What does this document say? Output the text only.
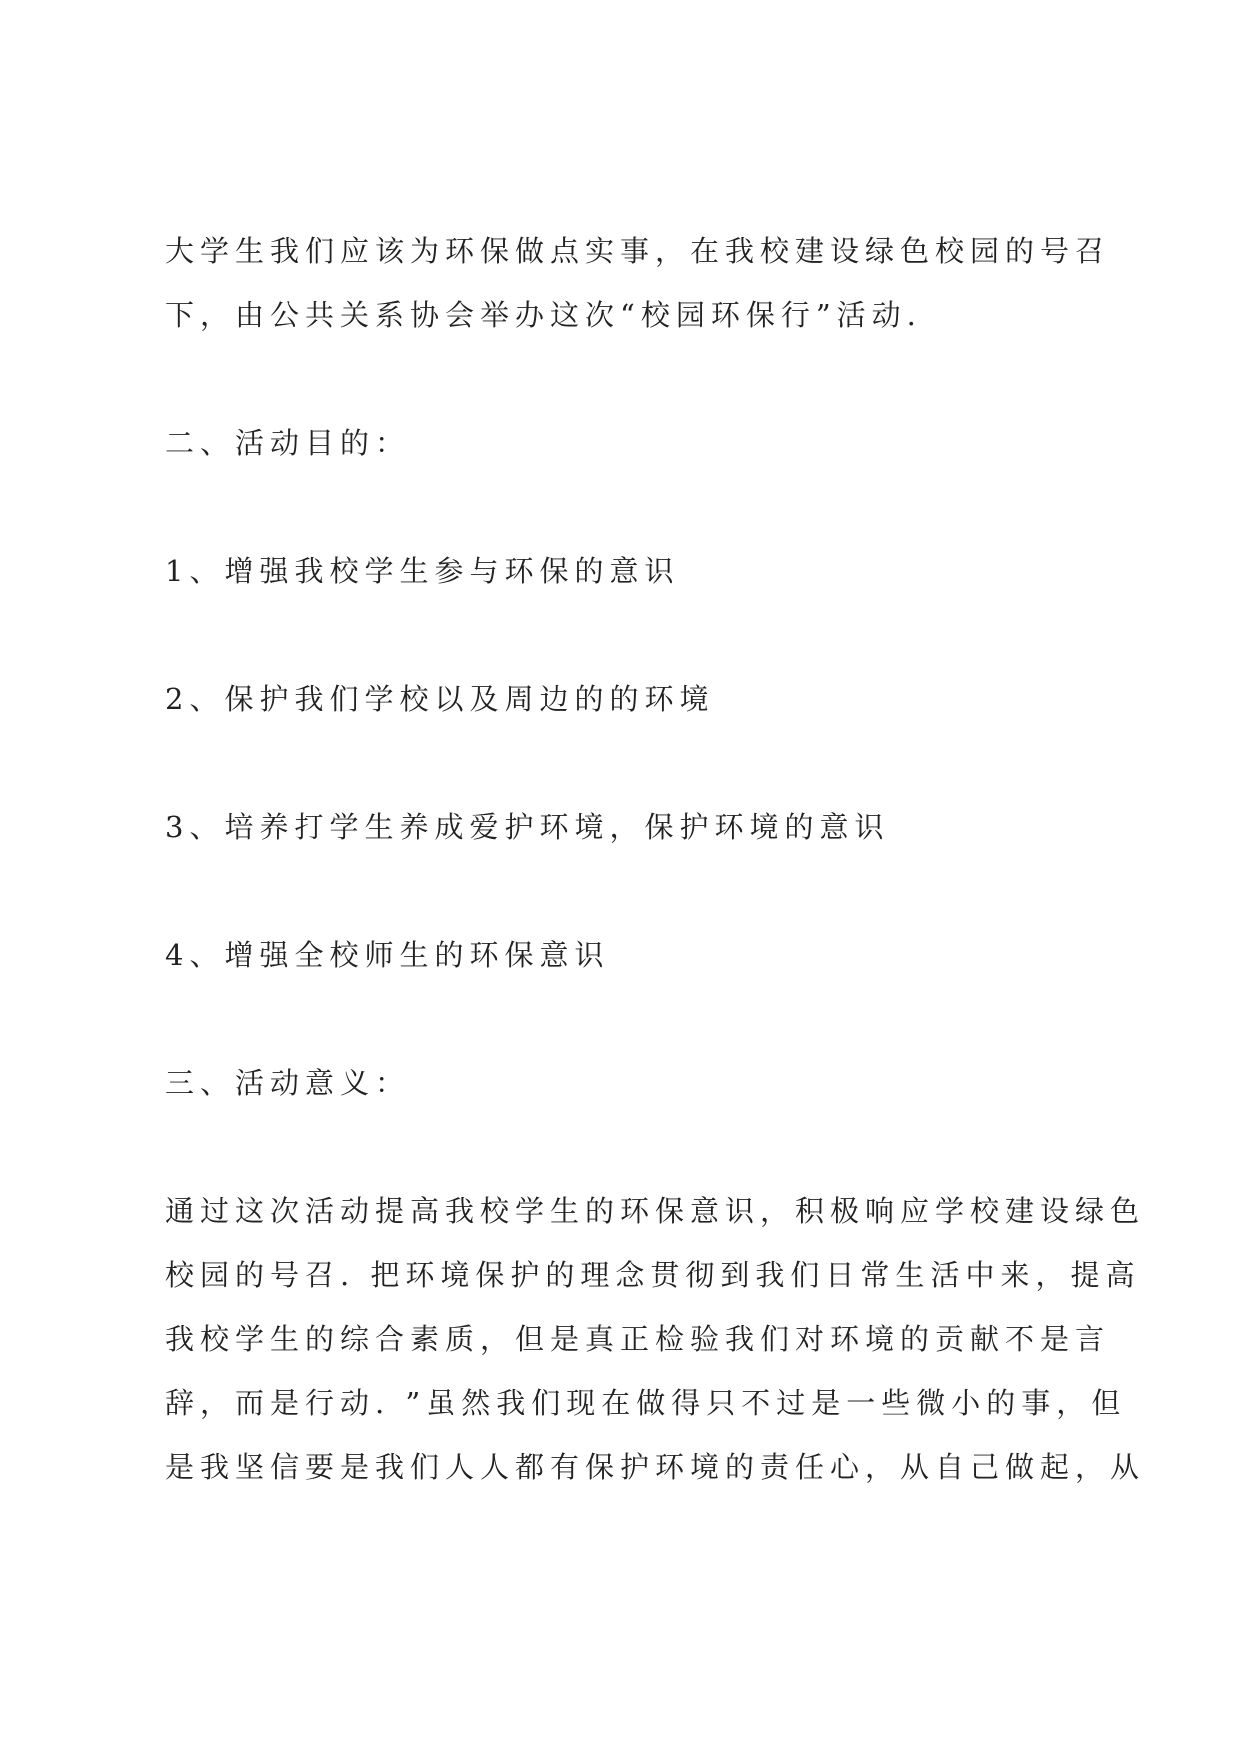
大学生我们应该为环保做点实事，在我校建设绿色校园的号召

下，由公共关系协会举办这次“校园环保行”活动.

二、活动目的：

1、增强我校学生参与环保的意识

2、保护我们学校以及周边的的环境

3、培养打学生养成爱护环境，保护环境的意识

4、增强全校师生的环保意识

三、活动意义：

通过这次活动提高我校学生的环保意识，积极响应学校建设绿色

校园的号召. 把环境保护的理念贯彻到我们日常生活中来，提高

我校学生的综合素质，但是真正检验我们对环境的贡献不是言

辞，而是行动. ”虽然我们现在做得只不过是一些微小的事，但

是我坚信要是我们人人都有保护环境的责任心，从自己做起，从
